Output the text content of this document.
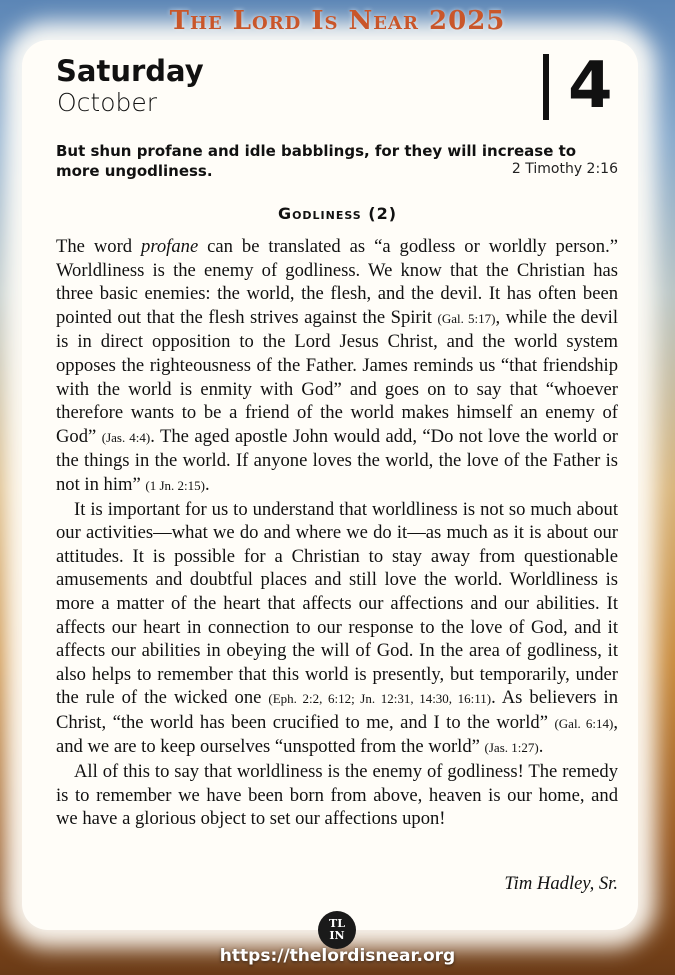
The Lord Is Near 2025
Saturday
October	4
But shun profane and idle babblings, for they will increase to more ungodliness.	2 Timothy 2:16
Godliness (2)

The word profane can be translated as “a godless or worldly person.” Worldliness is the enemy of godliness. We know that the Christian has three basic enemies: the world, the flesh, and the devil. It has often been pointed out that the flesh strives against the Spirit (Gal. 5:17), while the devil is in direct opposition to the Lord Jesus Christ, and the world system opposes the righteousness of the Father. James reminds us “that friendship with the world is enmity with God” and goes on to say that “whoever therefore wants to be a friend of the world makes himself an enemy of God” (Jas. 4:4). The aged apostle John would add, “Do not love the world or the things in the world. If anyone loves the world, the love of the Father is not in him” (1 Jn. 2:15).

It is important for us to understand that worldliness is not so much about our activities—what we do and where we do it—as much as it is about our attitudes. It is possible for a Christian to stay away from questionable amusements and doubtful places and still love the world. Worldliness is more a matter of the heart that affects our affections and our abilities. It affects our heart in connection to our response to the love of God, and it affects our abilities in obeying the will of God. In the area of godliness, it also helps to remember that this world is presently, but temporarily, under the rule of the wicked one (Eph. 2:2, 6:12; Jn. 12:31, 14:30, 16:11). As believers in Christ, “the world has been crucified to me, and I to the world” (Gal. 6:14), and we are to keep ourselves “unspotted from the world” (Jas. 1:27).

All of this to say that worldliness is the enemy of godliness! The remedy is to remember we have been born from above, heaven is our home, and we have a glorious object to set our affections upon!

Tim Hadley, Sr.
TL
IN
https://thelordisnear.org
